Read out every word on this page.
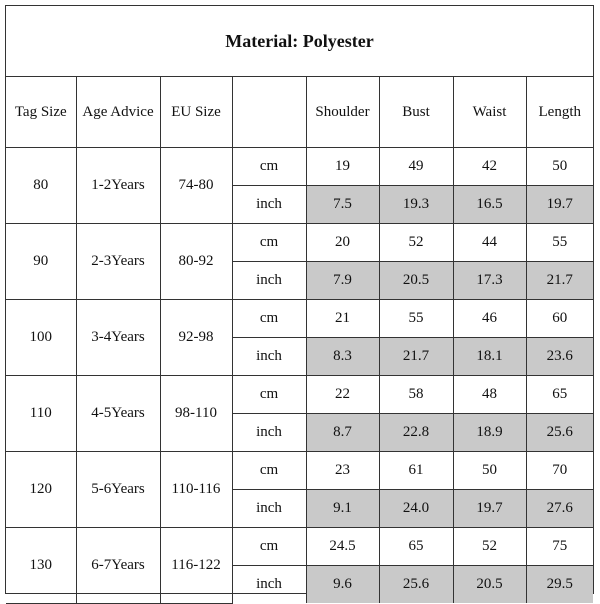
Material: Polyester
Tag Size	Age Advice	EU Size		Shoulder	Bust	Waist	Length
80	1-2Years	74-80	cm	19	49	42	50
			inch	7.5	19.3	16.5	19.7
90	2-3Years	80-92	cm	20	52	44	55
			inch	7.9	20.5	17.3	21.7
100	3-4Years	92-98	cm	21	55	46	60
			inch	8.3	21.7	18.1	23.6
110	4-5Years	98-110	cm	22	58	48	65
			inch	8.7	22.8	18.9	25.6
120	5-6Years	110-116	cm	23	61	50	70
			inch	9.1	24.0	19.7	27.6
130	6-7Years	116-122	cm	24.5	65	52	75
			inch	9.6	25.6	20.5	29.5
